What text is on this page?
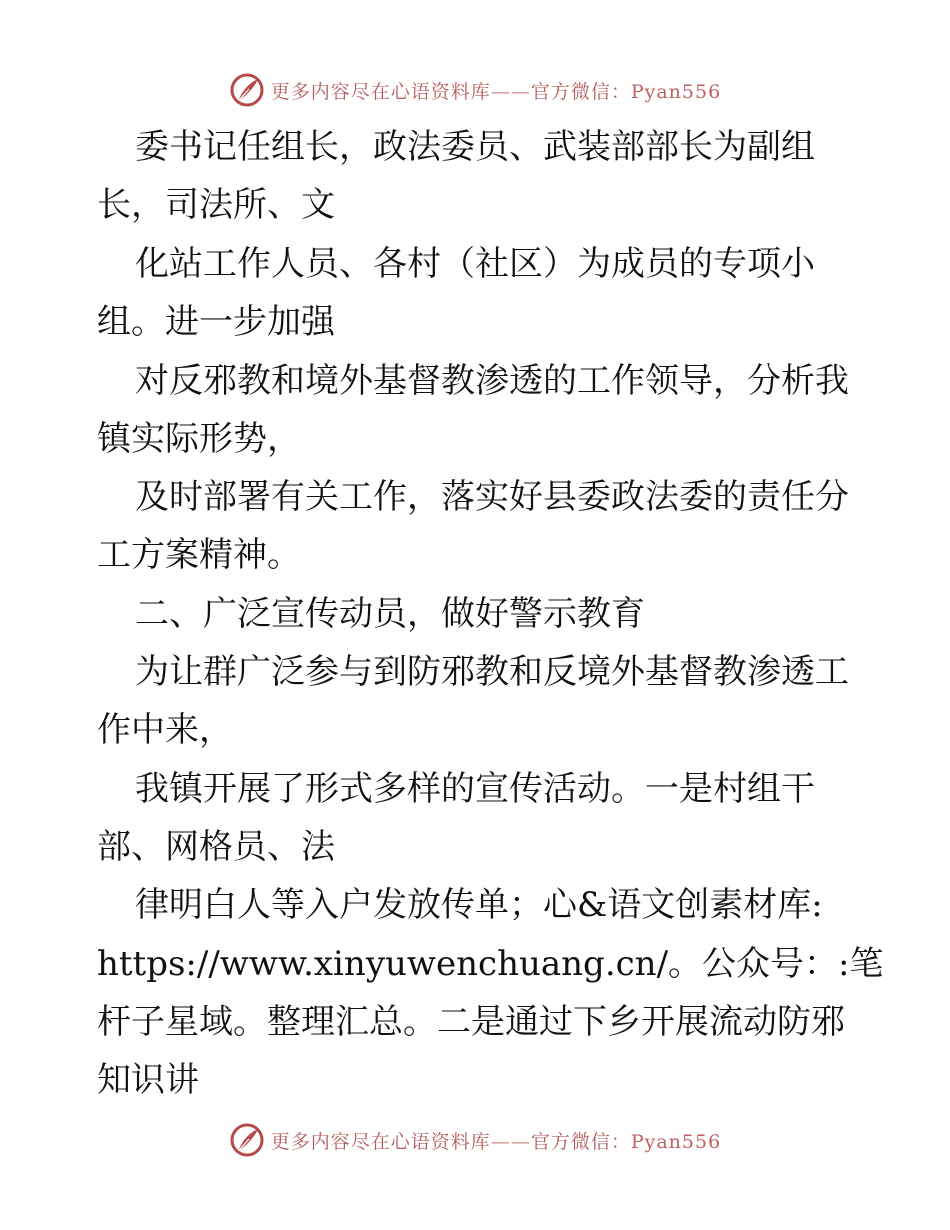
更多内容尽在心语资料库——官方微信：Pyan556
委书记任组长，政法委员、武装部部长为副组
长，司法所、文
化站工作人员、各村（社区）为成员的专项小
组。进一步加强
对反邪教和境外基督教渗透的工作领导，分析我
镇实际形势，
及时部署有关工作，落实好县委政法委的责任分
工方案精神。
二、广泛宣传动员，做好警示教育
为让群广泛参与到防邪教和反境外基督教渗透工
作中来，
我镇开展了形式多样的宣传活动。一是村组干
部、网格员、法
律明白人等入户发放传单；心&语文创素材库:
https://www.xinyuwenchuang.cn/。公众号：:笔
杆子星域。整理汇总。二是通过下乡开展流动防邪
知识讲
更多内容尽在心语资料库——官方微信：Pyan556
